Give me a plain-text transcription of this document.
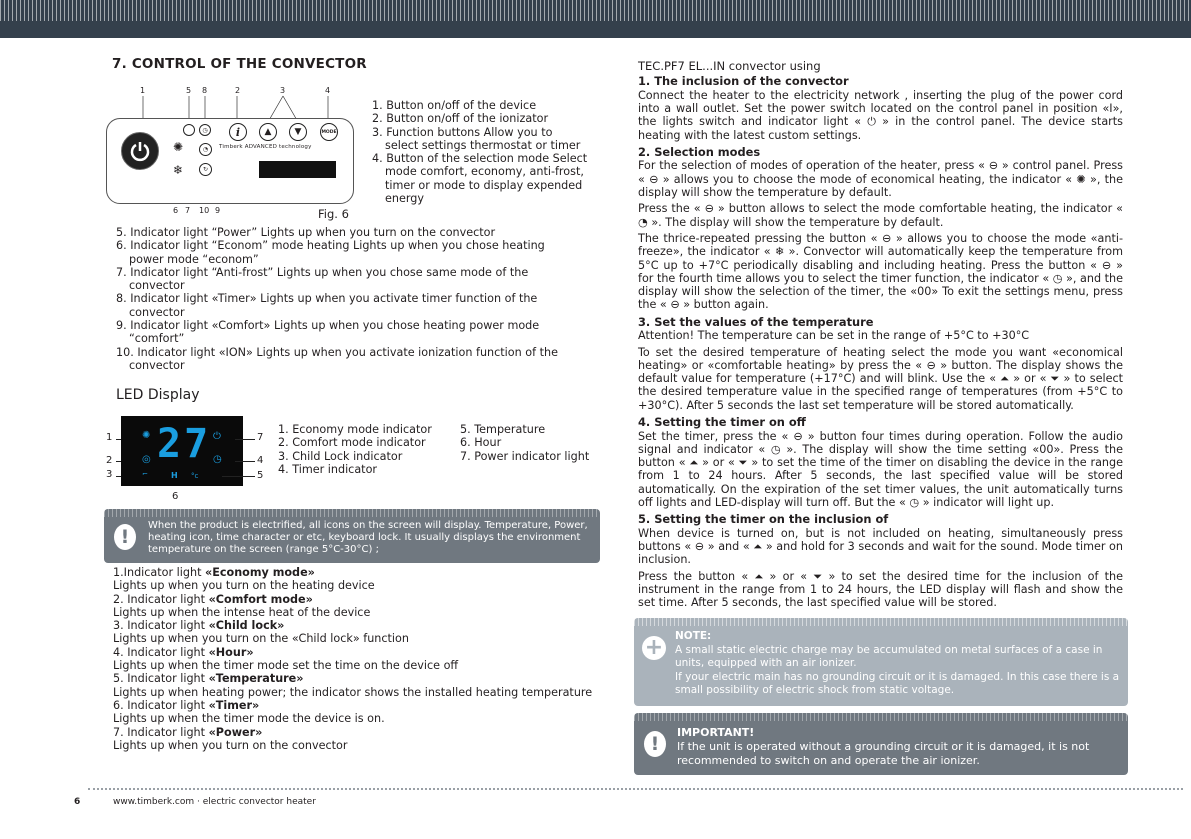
7. CONTROL OF THE CONVECTOR

1	5 8	2	3	4
◷	i	▲	▼	MODE
✺	◔	Timberk ADVANCED technology
❄	↻
6 7 10 9	Fig. 6
1. Button on/off of the device
2. Button on/off of the ionizator
3. Function buttons Allow you to
select settings thermostat or timer
4. Button of the selection mode Select
mode comfort, economy, anti-frost,
timer or mode to display expended
energy
5. Indicator light “Power” Lights up when you turn on the convector
6. Indicator light “Econom” mode heating Lights up when you chose heating
power mode “econom”
7. Indicator light “Anti-frost” Lights up when you chose same mode of the
convector
8. Indicator light «Timer» Lights up when you activate timer function of the
convector
9. Indicator light «Comfort» Lights up when you chose heating power mode
“comfort”
10. Indicator light «ION» Lights up when you activate ionization function of the
convector
LED Display
1
2
3
✺
◎
⌐
27 ⏻
◷
H °c
7
4
5
6
1. Economy mode indicator
2. Comfort mode indicator
3. Child Lock indicator
4. Timer indicator
5. Temperature
6. Hour
7. Power indicator light
!
When the product is electrified, all icons on the screen will display. Temperature, Power, heating icon, time character or etc, keyboard lock. It usually displays the environment temperature on the screen (range 5°C-30°C) ;
1.Indicator light «Economy mode»
Lights up when you turn on the heating device
2. Indicator light «Comfort mode»
Lights up when the intense heat of the device
3. Indicator light «Child lock»
Lights up when you turn on the «Child lock» function
4. Indicator light «Hour»
Lights up when the timer mode set the time on the device off
5. Indicator light «Temperature»
Lights up when heating power; the indicator shows the installed heating temperature
6. Indicator light «Timer»
Lights up when the timer mode the device is on.
7. Indicator light «Power»
Lights up when you turn on the convector
TEC.PF7 EL...IN convector using
1. The inclusion of the convector
Connect the heater to the electricity network , inserting the plug of the power cord into a wall outlet. Set the power switch located on the control panel in position «I», the lights switch and indicator light « ⏻ » in the control panel. The device starts heating with the latest custom settings.
2. Selection modes
For the selection of modes of operation of the heater, press « ⊖ » control panel. Press « ⊖ » allows you to choose the mode of economical heating, the indicator « ✺ », the display will show the temperature by default.
Press the « ⊖ » button allows to select the mode comfortable heating, the indicator « ◔ ». The display will show the temperature by default.
The thrice-repeated pressing the button « ⊖ » allows you to choose the mode «anti-freeze», the indicator « ❄ ». Convector will automatically keep the temperature from 5°C up to +7°C periodically disabling and including heating. Press the button « ⊖ » for the fourth time allows you to select the timer function, the indicator « ◷ », and the display will show the selection of the timer, the «00» To exit the settings menu, press the « ⊖ » button again.
3. Set the values of the temperature
Attention! The temperature can be set in the range of +5°C to +30°C
To set the desired temperature of heating select the mode you want «economical heating» or «comfortable heating» by press the « ⊖ » button. The display shows the default value for temperature (+17°C) and will blink. Use the « ⏶ » or « ⏷ » to select the desired temperature value in the specified range of temperatures (from +5°C to +30°C). After 5 seconds the last set temperature will be stored automatically.
4. Setting the timer on off
Set the timer, press the « ⊖ » button four times during operation. Follow the audio signal and indicator « ◷ ». The display will show the time setting «00». Press the button « ⏶ » or « ⏷ » to set the time of the timer on disabling the device in the range from 1 to 24 hours. After 5 seconds, the last specified value will be stored automatically. On the expiration of the set timer values, the unit automatically turns off lights and LED-display will turn off. But the « ◷ » indicator will light up.
5. Setting the timer on the inclusion of
When device is turned on, but is not included on heating, simultaneously press buttons « ⊖ » and « ⏶ » and hold for 3 seconds and wait for the sound. Mode timer on inclusion.
Press the button « ⏶ » or « ⏷ » to set the desired time for the inclusion of the instrument in the range from 1 to 24 hours, the LED display will flash and show the set time. After 5 seconds, the last specified value will be stored.
+ NOTE:
A small static electric charge may be accumulated on metal surfaces of a case in units, equipped with an air ionizer.
If your electric main has no grounding circuit or it is damaged. In this case there is a small possibility of electric shock from static voltage.
!
IMPORTANT!
If the unit is operated without a grounding circuit or it is damaged, it is not recommended to switch on and operate the air ionizer.
6	www.timberk.com · electric convector heater
